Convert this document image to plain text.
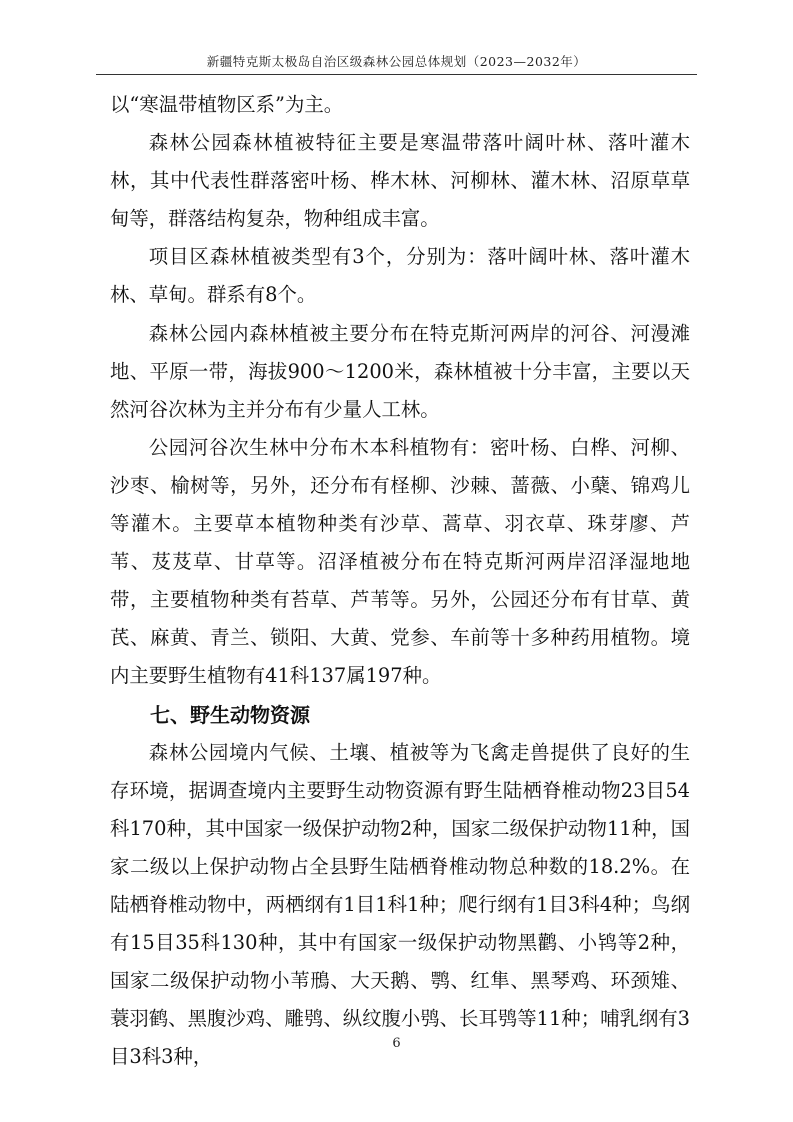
新疆特克斯太极岛自治区级森林公园总体规划（2023—2032年）

以“寒温带植物区系”为主。

森林公园森林植被特征主要是寒温带落叶阔叶林、落叶灌木林，其中代表性群落密叶杨、桦木林、河柳林、灌木林、沼原草草甸等，群落结构复杂，物种组成丰富。

项目区森林植被类型有3个，分别为：落叶阔叶林、落叶灌木林、草甸。群系有8个。

森林公园内森林植被主要分布在特克斯河两岸的河谷、河漫滩地、平原一带，海拔900～1200米，森林植被十分丰富，主要以天然河谷次林为主并分布有少量人工林。

公园河谷次生林中分布木本科植物有：密叶杨、白桦、河柳、沙枣、榆树等，另外，还分布有柽柳、沙棘、蔷薇、小蘖、锦鸡儿等灌木。主要草本植物种类有沙草、蒿草、羽衣草、珠芽廖、芦苇、芨芨草、甘草等。沼泽植被分布在特克斯河两岸沼泽湿地地带，主要植物种类有苔草、芦苇等。另外，公园还分布有甘草、黄芪、麻黄、青兰、锁阳、大黄、党参、车前等十多种药用植物。境内主要野生植物有41科137属197种。

七、野生动物资源

森林公园境内气候、土壤、植被等为飞禽走兽提供了良好的生存环境，据调查境内主要野生动物资源有野生陆栖脊椎动物23目54科170种，其中国家一级保护动物2种，国家二级保护动物11种，国家二级以上保护动物占全县野生陆栖脊椎动物总种数的18.2%。在陆栖脊椎动物中，两栖纲有1目1科1种；爬行纲有1目3科4种；鸟纲有15目35科130种，其中有国家一级保护动物黑鹳、小鸨等2种，国家二级保护动物小苇鳽、大天鹅、鹗、红隼、黑琴鸡、环颈雉、蓑羽鹤、黑腹沙鸡、雕鸮、纵纹腹小鸮、长耳鸮等11种；哺乳纲有3目3科3种，

6
